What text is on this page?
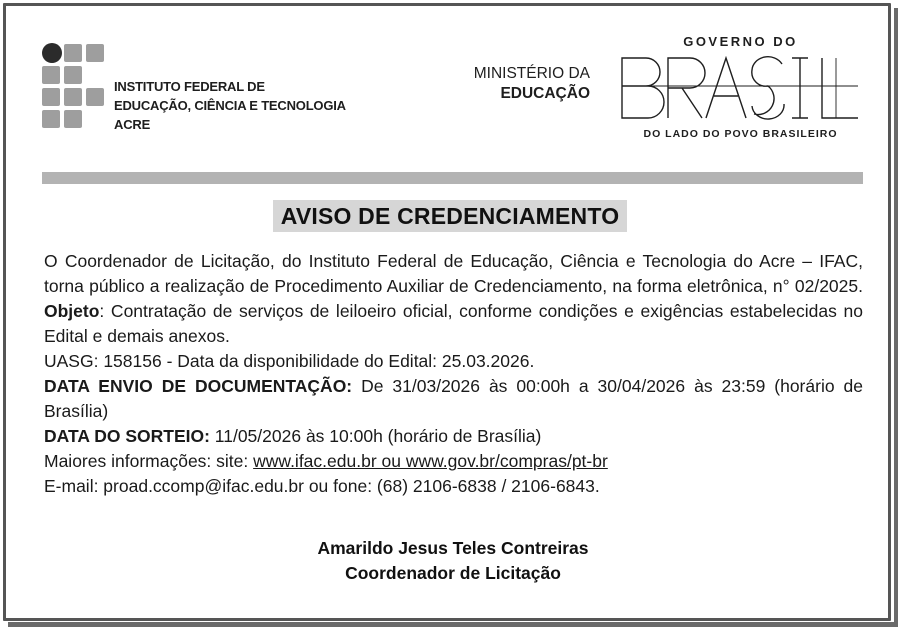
INSTITUTO FEDERAL DE
EDUCAÇÃO, CIÊNCIA E TECNOLOGIA
ACRE
MINISTÉRIO DA
EDUCAÇÃO
GOVERNO DO
DO LADO DO POVO BRASILEIRO
AVISO DE CREDENCIAMENTO

O Coordenador de Licitação, do Instituto Federal de Educação, Ciência e Tecnologia do Acre – IFAC, torna público a realização de Procedimento Auxiliar de Credenciamento, na forma eletrônica, n° 02/2025. Objeto: Contratação de serviços de leiloeiro oficial, conforme condições e exigências estabelecidas no Edital e demais anexos.

UASG: 158156 - Data da disponibilidade do Edital: 25.03.2026.

DATA ENVIO DE DOCUMENTAÇÃO: De 31/03/2026 às 00:00h a 30/04/2026 às 23:59 (horário de Brasília)

DATA DO SORTEIO: 11/05/2026 às 10:00h (horário de Brasília)

Maiores informações: site: www.ifac.edu.br ou www.gov.br/compras/pt-br

E-mail: proad.ccomp@ifac.edu.br ou fone: (68) 2106-6838 / 2106-6843.

Amarildo Jesus Teles Contreiras
Coordenador de Licitação
